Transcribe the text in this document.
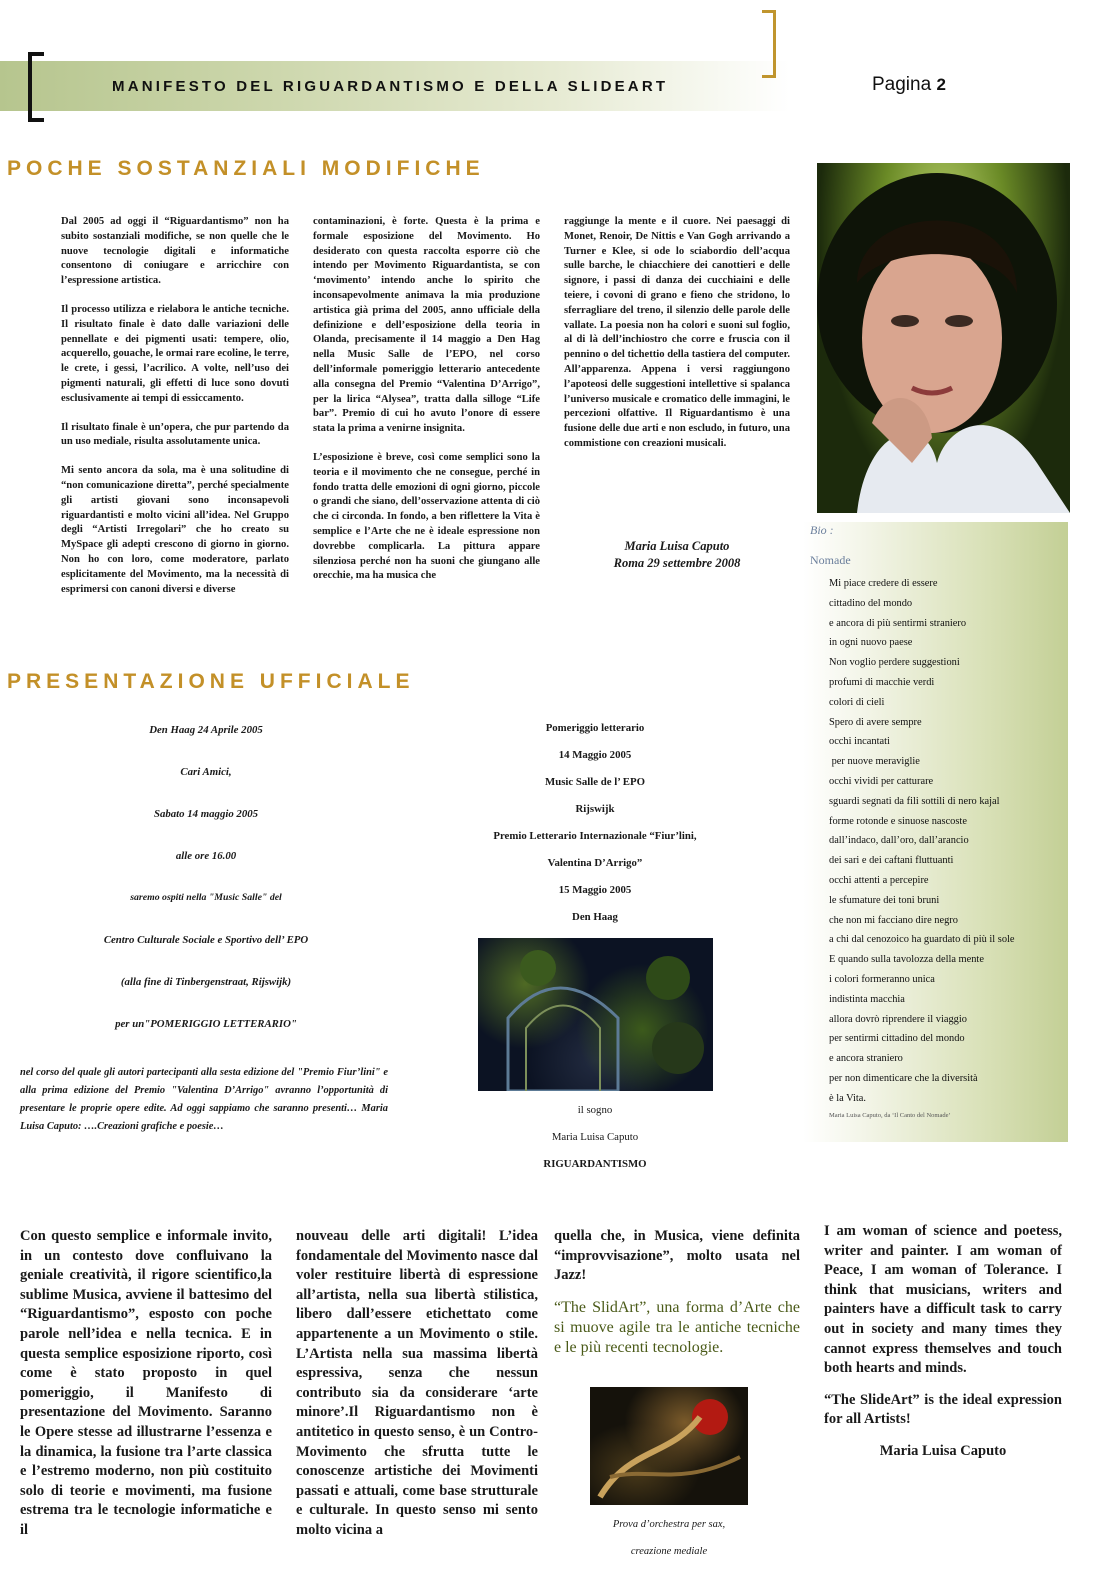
MANIFESTO DEL RIGUARDANTISMO E DELLA SLIDEART	Pagina 2
POCHE SOSTANZIALI MODIFICHE

Dal 2005 ad oggi il “Riguardantismo” non ha subito sostanziali modifiche, se non quelle che le nuove tecnologie digitali e informatiche consentono di coniugare e arricchire con l’espressione artistica.

Il processo utilizza e rielabora le antiche tecniche. Il risultato finale è dato dalle variazioni delle pennellate e dei pigmenti usati: tempere, olio, acquerello, gouache, le ormai rare ecoline, le terre, le crete, i gessi, l’acrilico. A volte, nell’uso dei pigmenti naturali, gli effetti di luce sono dovuti esclusivamente ai tempi di essiccamento.

Il risultato finale è un’opera, che pur partendo da un uso mediale, risulta assolutamente unica.

Mi sento ancora da sola, ma è una solitudine di “non comunicazione diretta”, perché specialmente gli artisti giovani sono inconsapevoli riguardantisti e molto vicini all’idea. Nel Gruppo degli “Artisti Irregolari” che ho creato su MySpace gli adepti crescono di giorno in giorno. Non ho con loro, come moderatore, parlato esplicitamente del Movimento, ma la necessità di esprimersi con canoni diversi e diverse

contaminazioni, è forte. Questa è la prima e formale esposizione del Movimento. Ho desiderato con questa raccolta esporre ciò che intendo per Movimento Riguardantista, se con ‘movimento’ intendo anche lo spirito che inconsapevolmente animava la mia produzione artistica già prima del 2005, anno ufficiale della definizione e dell’esposizione della teoria in Olanda, precisamente il 14 maggio a Den Hag nella Music Salle de l’EPO, nel corso dell’informale pomeriggio letterario antecedente alla consegna del Premio “Valentina D’Arrigo”, per la lirica “Alysea”, tratta dalla silloge “Life bar”. Premio di cui ho avuto l’onore di essere stata la prima a venirne insignita.

L’esposizione è breve, così come semplici sono la teoria e il movimento che ne consegue, perché in fondo tratta delle emozioni di ogni giorno, piccole o grandi che siano, dell’osservazione attenta di ciò che ci circonda. In fondo, a ben riflettere la Vita è semplice e l’Arte che ne è ideale espressione non dovrebbe complicarla. La pittura appare silenziosa perché non ha suoni che giungano alle orecchie, ma ha musica che

raggiunge la mente e il cuore. Nei paesaggi di Monet, Renoir, De Nittis e Van Gogh arrivando a Turner e Klee, si ode lo sciabordio dell’acqua sulle barche, le chiacchiere dei canottieri e delle signore, i passi di danza dei cucchiaini e delle teiere, i covoni di grano e fieno che stridono, lo sferragliare del treno, il silenzio delle parole delle vallate. La poesia non ha colori e suoni sul foglio, al di là dell’inchiostro che corre e fruscia con il pennino o del tichettio della tastiera del computer. All’apparenza. Appena i versi raggiungono l’apoteosi delle suggestioni intellettive si spalanca l’universo musicale e cromatico delle immagini, le percezioni olfattive. Il Riguardantismo è una fusione delle due arti e non escludo, in futuro, una commistione con creazioni musicali.

Maria Luisa Caputo
Roma 29 settembre 2008
Bio :
Nomade
Mi piace credere di essere
cittadino del mondo
e ancora di più sentirmi straniero
in ogni nuovo paese
Non voglio perdere suggestioni
profumi di macchie verdi
colori di cieli
Spero di avere sempre
occhi incantati
per nuove meraviglie
occhi vividi per catturare
sguardi segnati da fili sottili di nero kajal
forme rotonde e sinuose nascoste
dall’indaco, dall’oro, dall’arancio
dei sari e dei caftani fluttuanti
occhi attenti a percepire
le sfumature dei toni bruni
che non mi facciano dire negro
a chi dal cenozoico ha guardato di più il sole
E quando sulla tavolozza della mente
i colori formeranno unica
indistinta macchia
allora dovrò riprendere il viaggio
per sentirmi cittadino del mondo
e ancora straniero
per non dimenticare che la diversità
è la Vita.
Maria Luisa Caputo, da ‘Il Canto del Nomade’
PRESENTAZIONE UFFICIALE
Den Haag 24 Aprile 2005
Cari Amici,
Sabato 14 maggio 2005
alle ore 16.00
saremo ospiti nella "Music Salle" del
Centro Culturale Sociale e Sportivo dell’ EPO
(alla fine di Tinbergenstraat, Rijswijk)
per un"POMERIGGIO LETTERARIO"
nel corso del quale gli autori partecipanti alla sesta edizione del "Premio Fiur’lini" e alla prima edizione del Premio "Valentina D’Arrigo" avranno l’opportunità di presentare le proprie opere edite. Ad oggi sappiamo che saranno presenti… Maria Luisa Caputo: ….Creazioni grafiche e poesie…
Pomeriggio letterario
14 Maggio 2005
Music Salle de l’ EPO
Rijswijk
Premio Letterario Internazionale “Fiur’lini,
Valentina D’Arrigo”
15 Maggio 2005
Den Haag
il sogno
Maria Luisa Caputo
RIGUARDANTISMO
Con questo semplice e informale invito, in un contesto dove confluivano la geniale creatività, il rigore scientifico,la sublime Musica, avviene il battesimo del “Riguardantismo”, esposto con poche parole nell’idea e nella tecnica. E in questa semplice esposizione riporto, così come è stato proposto in quel pomeriggio, il Manifesto di presentazione del Movimento. Saranno le Opere stesse ad illustrarne l’essenza e la dinamica, la fusione tra l’arte classica e l’estremo moderno, non più costituito solo di teorie e movimenti, ma fusione estrema tra le tecnologie informatiche e il
nouveau delle arti digitali! L’idea fondamentale del Movimento nasce dal voler restituire libertà di espressione all’artista, nella sua libertà stilistica, libero dall’essere etichettato come appartenente a un Movimento o stile. L’Artista nella sua massima libertà espressiva, senza che nessun contributo sia da considerare ‘arte minore’.Il Riguardantismo non è antitetico in questo senso, è un Contro-Movimento che sfrutta tutte le conoscenze artistiche dei Movimenti passati e attuali, come base strutturale e culturale. In questo senso mi sento molto vicina a

quella che, in Musica, viene definita “improvvisazione”, molto usata nel Jazz!

“The SlidArt”, una forma d’Arte che si muove agile tra le antiche tecniche e le più recenti tecnologie.

Prova d’orchestra per sax,
creazione mediale

I am woman of science and poetess, writer and painter. I am woman of Peace, I am woman of Tolerance. I think that musicians, writers and painters have a difficult task to carry out in society and many times they cannot express themselves and touch both hearts and minds.

“The SlideArt” is the ideal expression for all Artists!

Maria Luisa Caputo
